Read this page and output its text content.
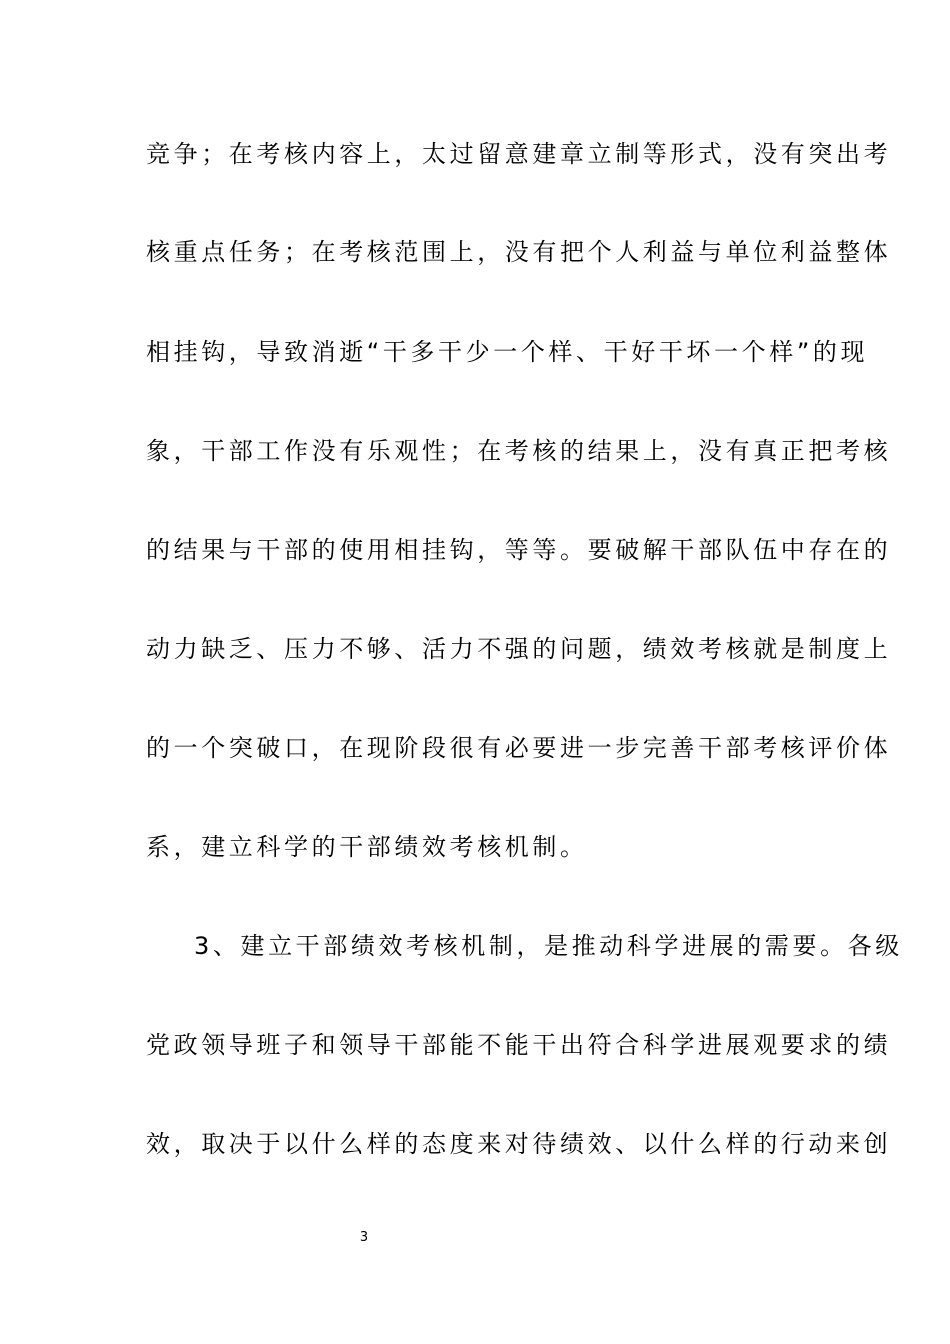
竞争；在考核内容上，太过留意建章立制等形式，没有突出考
核重点任务；在考核范围上，没有把个人利益与单位利益整体
相挂钩，导致消逝“干多干少一个样、干好干坏一个样”的现
象，干部工作没有乐观性；在考核的结果上，没有真正把考核
的结果与干部的使用相挂钩，等等。要破解干部队伍中存在的
动力缺乏、压力不够、活力不强的问题，绩效考核就是制度上
的一个突破口，在现阶段很有必要进一步完善干部考核评价体
系，建立科学的干部绩效考核机制。
3、建立干部绩效考核机制，是推动科学进展的需要。各级
党政领导班子和领导干部能不能干出符合科学进展观要求的绩
效，取决于以什么样的态度来对待绩效、以什么样的行动来创
3
